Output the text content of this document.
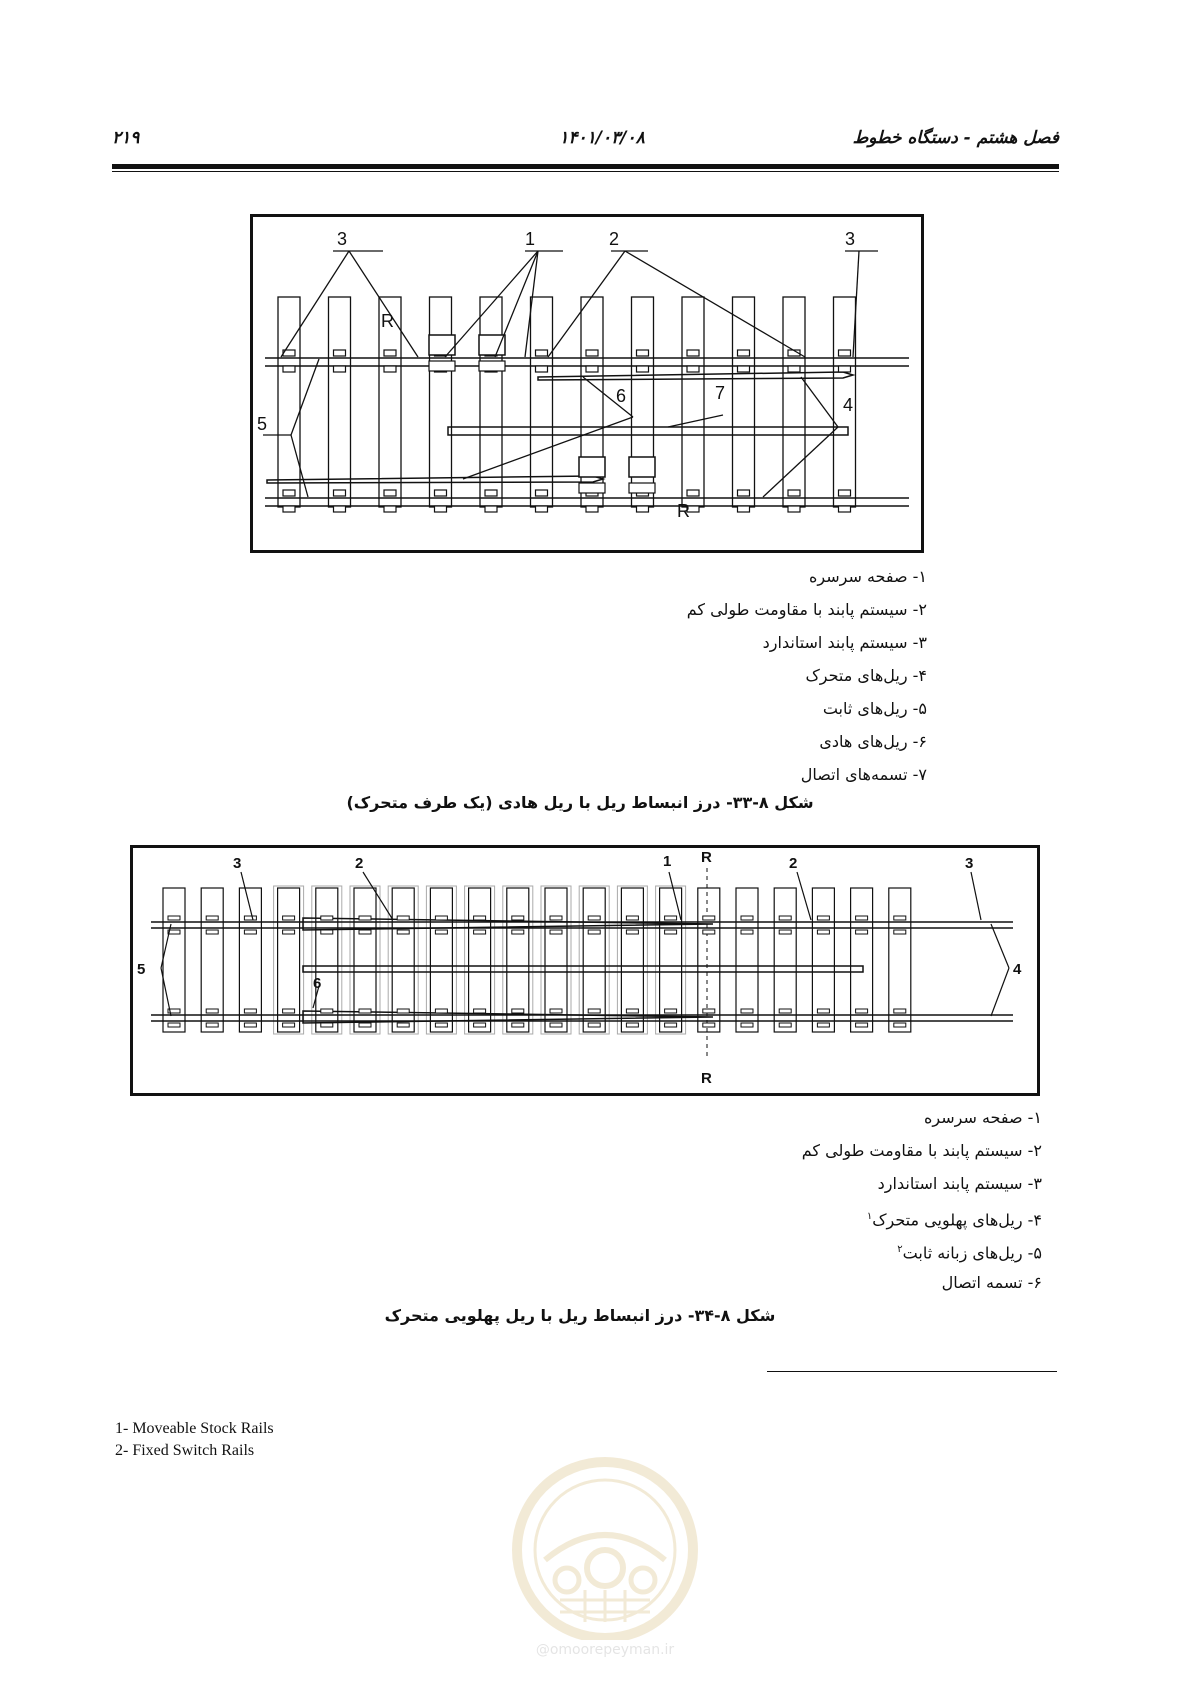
فصل هشتم - دستگاه خطوط
۱۴۰۱/۰۳/۰۸
۲۱۹
3	1	2	3
R
6	7
4
5
R
۱- صفحه سرسره
۲- سیستم پابند با مقاومت طولی کم
۳- سیستم پابند استاندارد
۴- ریل‌های متحرک
۵- ریل‌های ثابت
۶- ریل‌های هادی
۷- تسمه‌های اتصال
شکل ۸-۳۳- درز انبساط ریل با ریل هادی (یک طرف متحرک)
3	2	1 R	2	3
5
6
4
R
۱- صفحه سرسره
۲- سیستم پابند با مقاومت طولی کم
۳- سیستم پابند استاندارد
۴- ریل‌های پهلویی متحرک$^۱$
۵- ریل‌های زبانه ثابت$^۲$
۶- تسمه اتصال
شکل ۸-۳۴- درز انبساط ریل با ریل پهلویی متحرک
1- Moveable Stock Rails
2- Fixed Switch Rails
@omoorepeyman.ir
